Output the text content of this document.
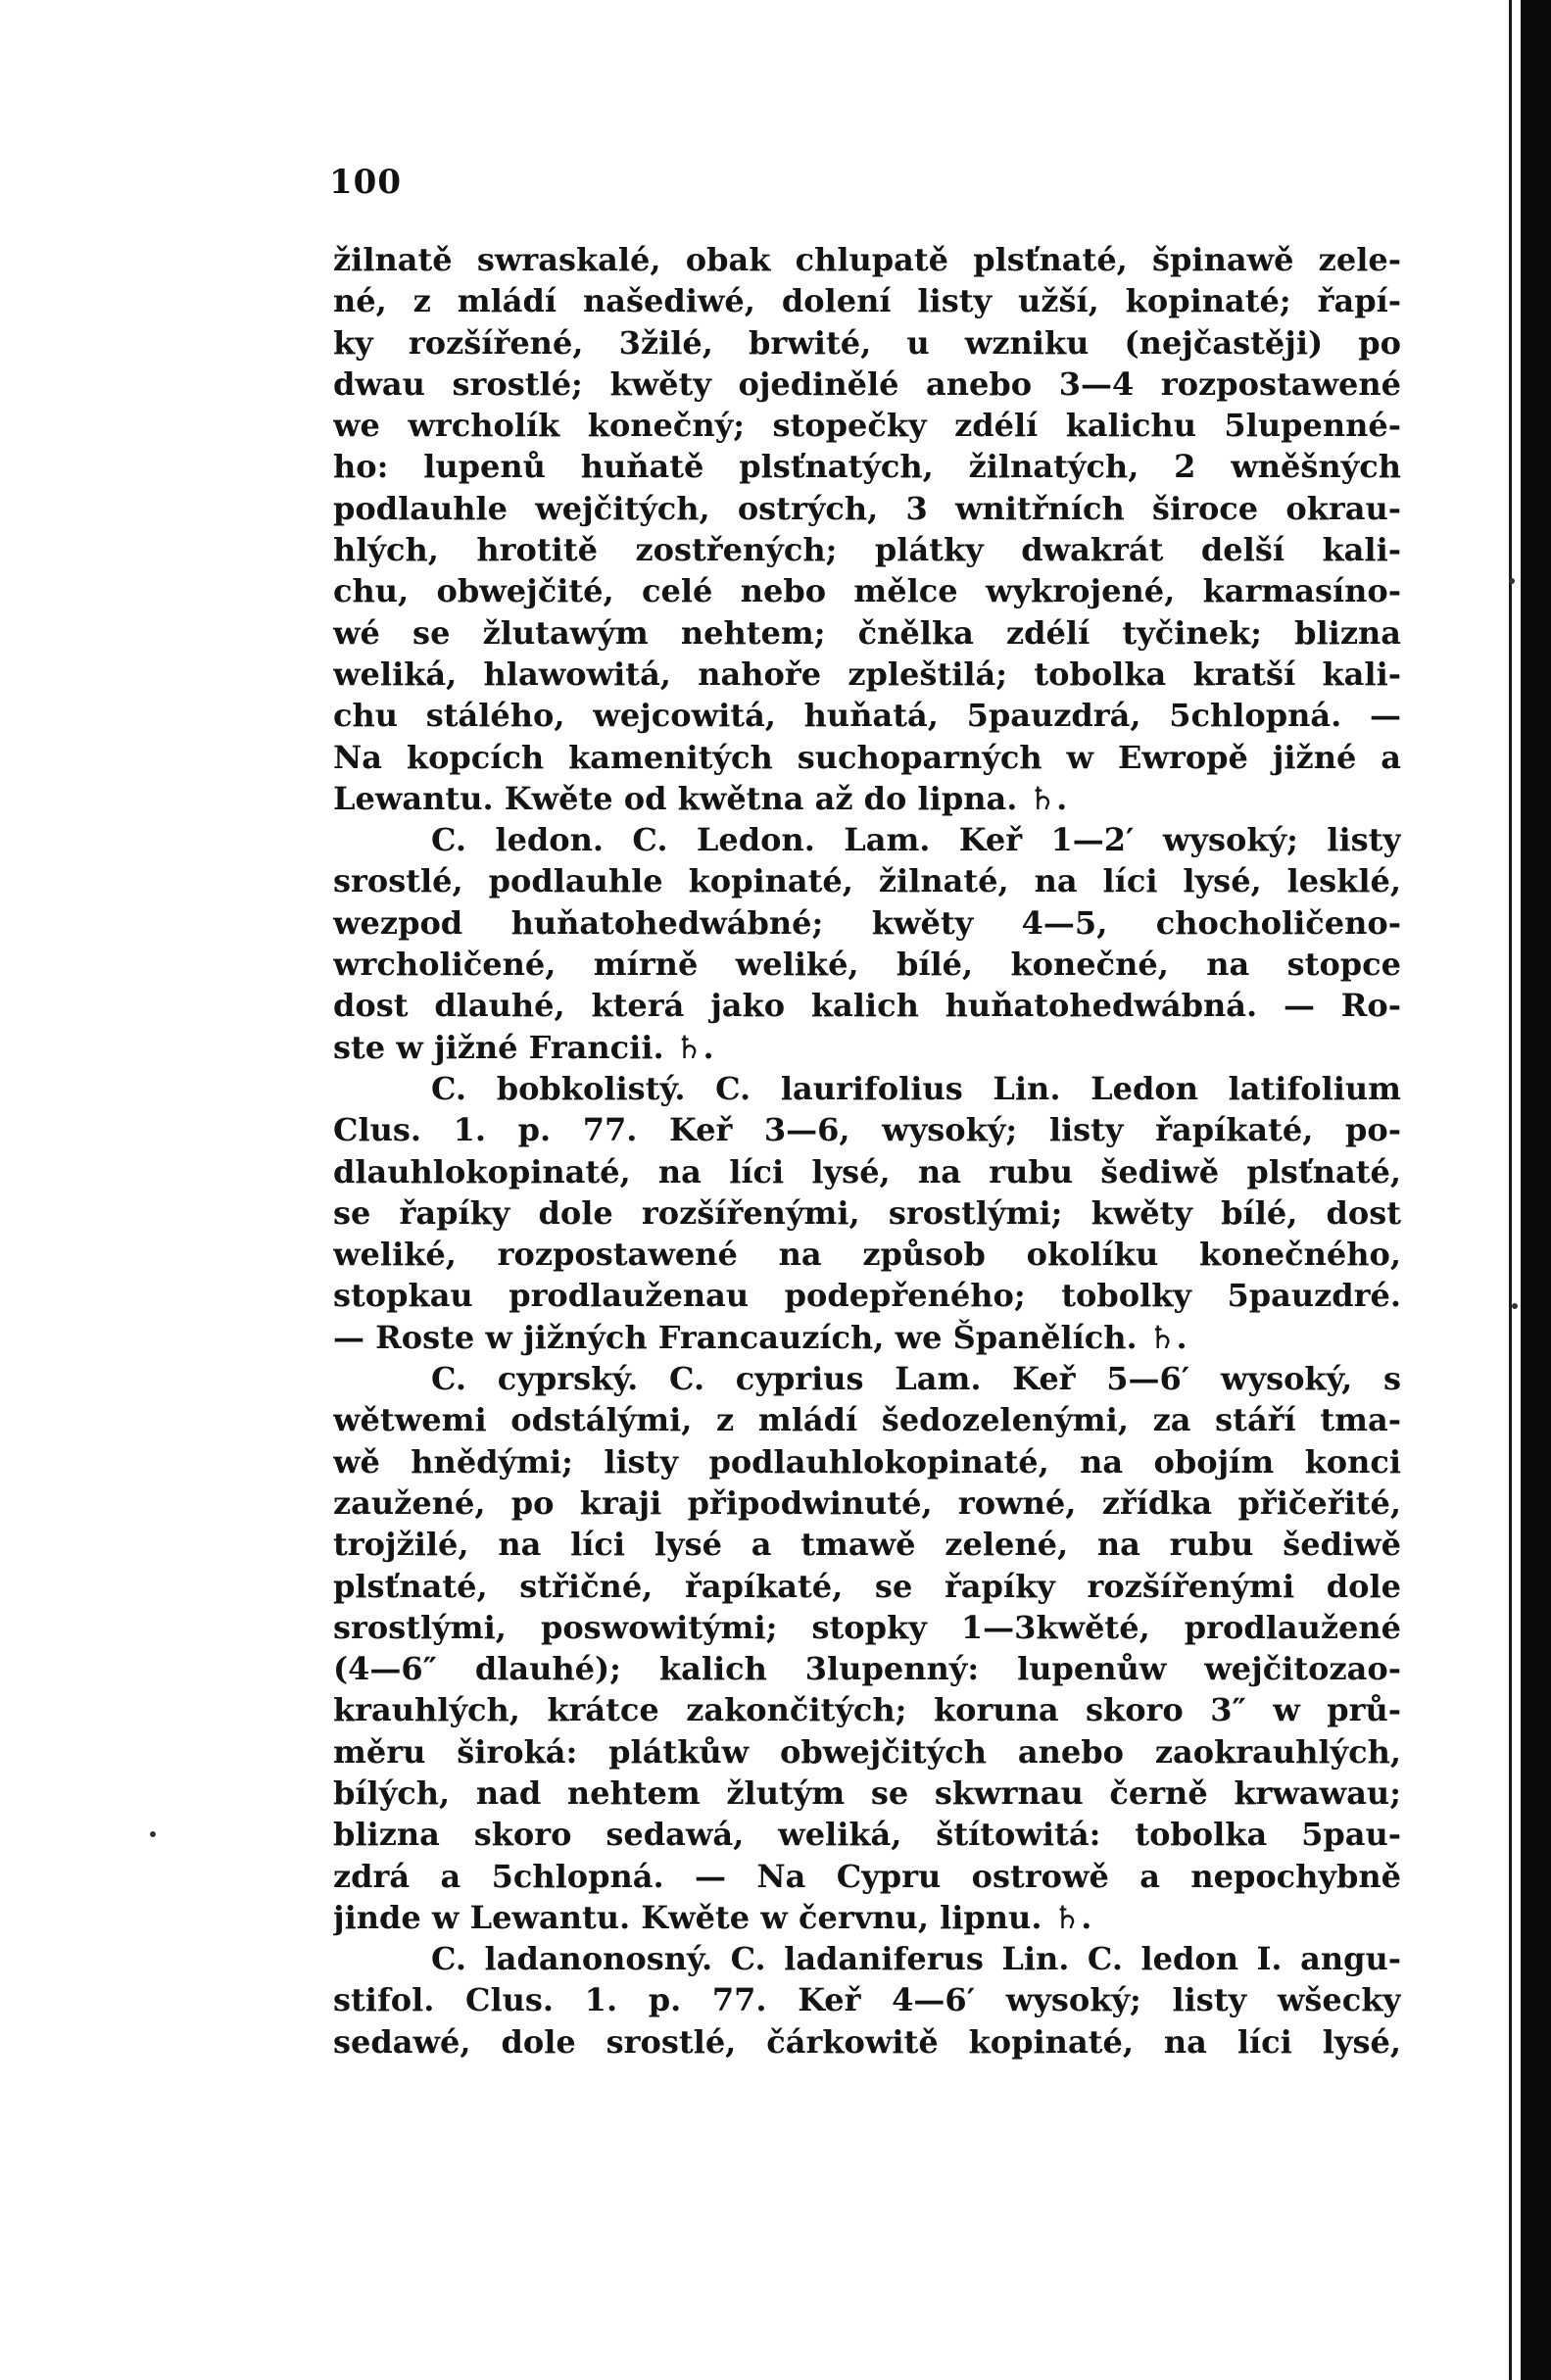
100
žilnatě swraskalé, obak chlupatě plsťnaté, špinawě zele-
né, z mládí našediwé, dolení listy užší, kopinaté; řapí-
ky rozšířené, 3žilé, brwité, u wzniku (nejčastěji) po
dwau srostlé; kwěty ojedinělé anebo 3—4 rozpostawené
we wrcholík konečný; stopečky zdélí kalichu 5lupenné-
ho: lupenů huňatě plsťnatých, žilnatých, 2 wněšných
podlauhle wejčitých, ostrých, 3 wnitřních široce okrau-
hlých, hrotitě zostřených; plátky dwakrát delší kali-
chu, obwejčité, celé nebo mělce wykrojené, karmasíno-
wé se žlutawým nehtem; čnělka zdélí tyčinek; blizna
weliká, hlawowitá, nahoře zpleštilá; tobolka kratší kali-
chu stálého, wejcowitá, huňatá, 5pauzdrá, 5chlopná. —
Na kopcích kamenitých suchoparných w Ewropě jižné a
Lewantu. Kwěte od kwětna až do lipna. ♄.
C. ledon. C. Ledon. Lam. Keř 1—2′ wysoký; listy
srostlé, podlauhle kopinaté, žilnaté, na líci lysé, lesklé,
wezpod huňatohedwábné; kwěty 4—5, chocholičeno-
wrcholičené, mírně weliké, bílé, konečné, na stopce
dost dlauhé, která jako kalich huňatohedwábná. — Ro-
ste w jižné Francii. ♄.
C. bobkolistý. C. laurifolius Lin. Ledon latifolium
Clus. 1. p. 77. Keř 3—6, wysoký; listy řapíkaté, po-
dlauhlokopinaté, na líci lysé, na rubu šediwě plsťnaté,
se řapíky dole rozšířenými, srostlými; kwěty bílé, dost
weliké, rozpostawené na způsob okolíku konečného,
stopkau prodlauženau podepřeného; tobolky 5pauzdré.
— Roste w jižných Francauzích, we Španělích. ♄.
C. cyprský. C. cyprius Lam. Keř 5—6′ wysoký, s
wětwemi odstálými, z mládí šedozelenými, za stáří tma-
wě hnědými; listy podlauhlokopinaté, na obojím konci
zaužené, po kraji připodwinuté, rowné, zřídka přičeřité,
trojžilé, na líci lysé a tmawě zelené, na rubu šediwě
plsťnaté, střičné, řapíkaté, se řapíky rozšířenými dole
srostlými, poswowitými; stopky 1—3kwěté, prodlaužené
(4—6″ dlauhé); kalich 3lupenný: lupenůw wejčitozao-
krauhlých, krátce zakončitých; koruna skoro 3″ w prů-
měru široká: plátkůw obwejčitých anebo zaokrauhlých,
bílých, nad nehtem žlutým se skwrnau černě krwawau;
blizna skoro sedawá, weliká, štítowitá: tobolka 5pau-
zdrá a 5chlopná. — Na Cypru ostrowě a nepochybně
jinde w Lewantu. Kwěte w červnu, lipnu. ♄.
C. ladanonosný. C. ladaniferus Lin. C. ledon I. angu-
stifol. Clus. 1. p. 77. Keř 4—6′ wysoký; listy wšecky
sedawé, dole srostlé, čárkowitě kopinaté, na líci lysé,
